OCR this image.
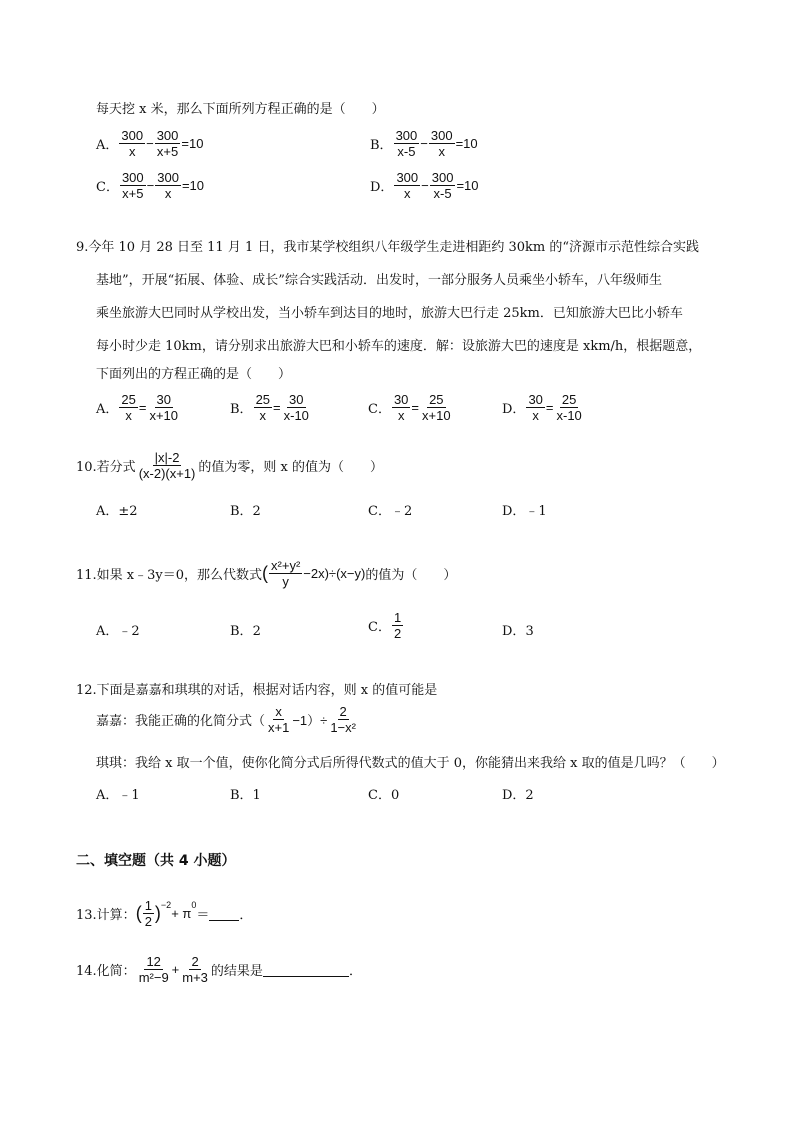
每天挖 x 米，那么下面所列方程正确的是（　　）
A． $\frac{300}{x} - \frac{300}{x+5} =10$	B． $\frac{300}{x-5} - \frac{300}{x} =10$
C． $\frac{300}{x+5} - \frac{300}{x} =10$	D． $\frac{300}{x} - \frac{300}{x-5} =10$
9.今年 10 月 28 日至 11 月 1 日，我市某学校组织八年级学生走进相距约 30km 的“济源市示范性综合实践
基地”，开展“拓展、体验、成长”综合实践活动．出发时，一部分服务人员乘坐小轿车，八年级师生
乘坐旅游大巴同时从学校出发，当小轿车到达目的地时，旅游大巴行走 25km．已知旅游大巴比小轿车
每小时少走 10km，请分别求出旅游大巴和小轿车的速度．解：设旅游大巴的速度是 xkm/h，根据题意，
下面列出的方程正确的是（　　）
A． $\frac{25}{x} = \frac{30}{x+10}$	B． $\frac{25}{x} = \frac{30}{x-10}$	C． $\frac{30}{x} = \frac{25}{x+10}$	D． $\frac{30}{x} = \frac{25}{x-10}$
10.若分式 $\frac{|x|-2}{(x-2)(x+1)}$ 的值为零，则 x 的值为（　　）
A．±2	B．2	C．﹣2	D．﹣1
11.如果 x﹣3y＝0，那么代数式 ( $\frac{\text{x²+y²}}{y} - 2x)\div(x-y)$ 的值为（　　）
A．﹣2	B．2	C． $\frac{1}{2}$	D．3
12.下面是嘉嘉和琪琪的对话，根据对话内容，则 x 的值可能是
嘉嘉：我能正确的化简分式（ $\frac{x}{x+1} -1)\div \frac{2}{\text{1−x²}}$
琪琪：我给 x 取一个值，使你化简分式后所得代数式的值大于 0，你能猜出来我给 x 取的值是几吗？（　　）
A．﹣1	B．1	C．0	D．2
二、填空题（共 4 小题）
13.计算： ( $\frac{1}{2} )^{-2}$
+ π
$^0$
＝ ．
14.化简： $\frac{12}{\text{m²−9}} + \frac{2}{m+3}$ 的结果是	．
